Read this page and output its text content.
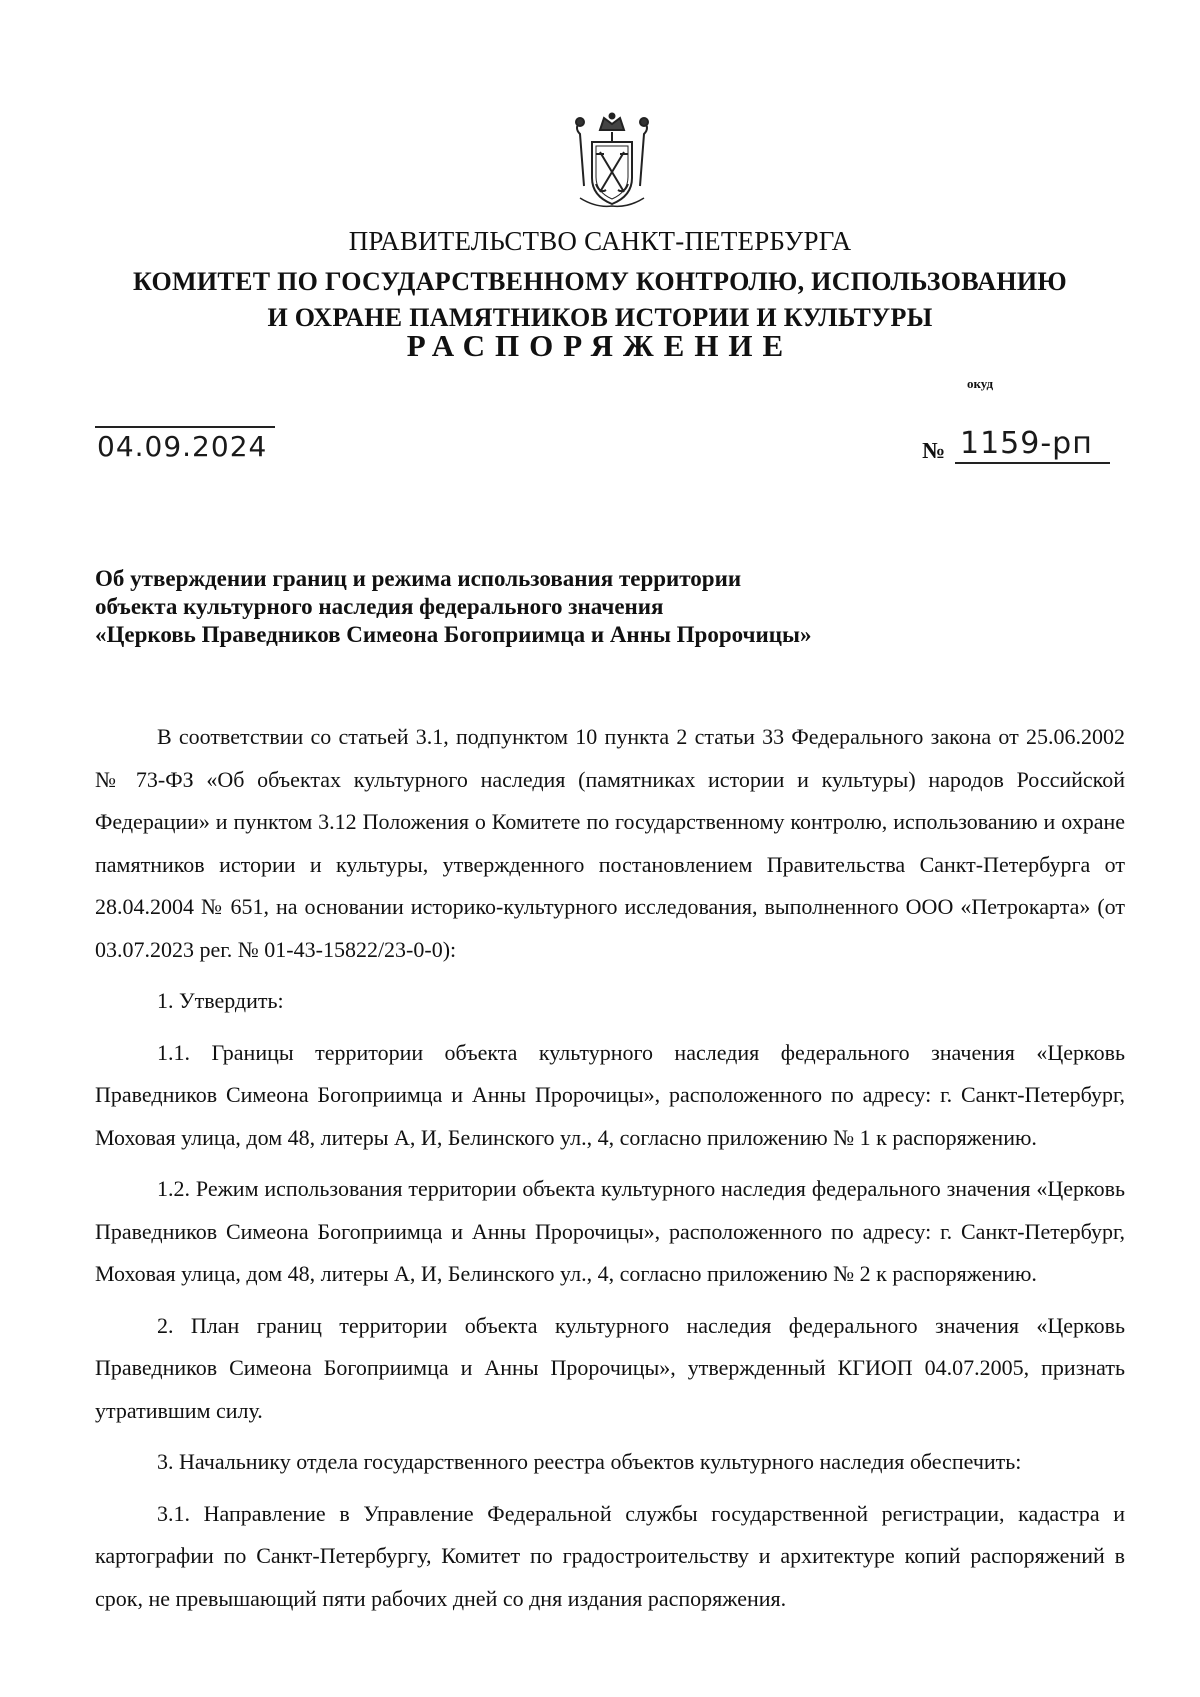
ПРАВИТЕЛЬСТВО САНКТ-ПЕТЕРБУРГА
КОМИТЕТ ПО ГОСУДАРСТВЕННОМУ КОНТРОЛЮ, ИСПОЛЬЗОВАНИЮ
И ОХРАНЕ ПАМЯТНИКОВ ИСТОРИИ И КУЛЬТУРЫ
РАСПОРЯЖЕНИЕ
окуд
04.09.2024	№ 1159-рп
Об утверждении границ и режима использования территории
объекта культурного наследия федерального значения
«Церковь Праведников Симеона Богоприимца и Анны Пророчицы»

В соответствии со статьей 3.1, подпунктом 10 пункта 2 статьи 33 Федерального закона от 25.06.2002 № 73-ФЗ «Об объектах культурного наследия (памятниках истории и культуры) народов Российской Федерации» и пунктом 3.12 Положения о Комитете по государственному контролю, использованию и охране памятников истории и культуры, утвержденного постановлением Правительства Санкт-Петербурга от 28.04.2004 № 651, на основании историко-культурного исследования, выполненного ООО «Петрокарта» (от 03.07.2023 рег. № 01-43-15822/23-0-0):

1. Утвердить:

1.1. Границы территории объекта культурного наследия федерального значения «Церковь Праведников Симеона Богоприимца и Анны Пророчицы», расположенного по адресу: г. Санкт-Петербург, Моховая улица, дом 48, литеры А, И, Белинского ул., 4, согласно приложению № 1 к распоряжению.

1.2. Режим использования территории объекта культурного наследия федерального значения «Церковь Праведников Симеона Богоприимца и Анны Пророчицы», расположенного по адресу: г. Санкт-Петербург, Моховая улица, дом 48, литеры А, И, Белинского ул., 4, согласно приложению № 2 к распоряжению.

2. План границ территории объекта культурного наследия федерального значения «Церковь Праведников Симеона Богоприимца и Анны Пророчицы», утвержденный КГИОП 04.07.2005, признать утратившим силу.

3. Начальнику отдела государственного реестра объектов культурного наследия обеспечить:

3.1. Направление в Управление Федеральной службы государственной регистрации, кадастра и картографии по Санкт-Петербургу, Комитет по градостроительству и архитектуре копий распоряжений в срок, не превышающий пяти рабочих дней со дня издания распоряжения.
